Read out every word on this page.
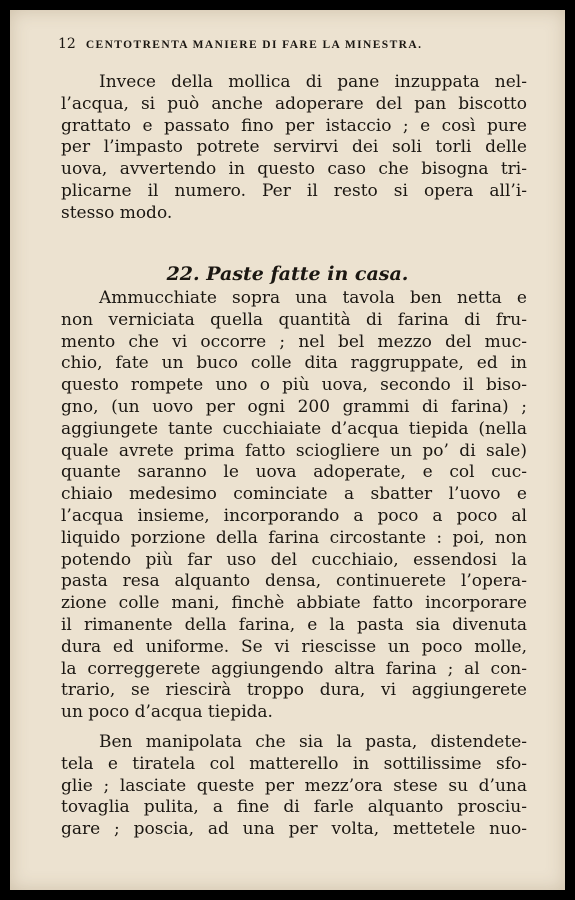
12 CENTOTRENTA MANIERE DI FARE LA MINESTRA.
Invece della mollica di pane inzuppata nel-
l’acqua, si può anche adoperare del pan biscotto
grattato e passato fino per istaccio ; e così pure
per l’impasto potrete servirvi dei soli torli delle
uova, avvertendo in questo caso che bisogna tri-
plicarne il numero. Per il resto si opera all’i-
stesso modo.
22. Paste fatte in casa.
Ammucchiate sopra una tavola ben netta e
non verniciata quella quantità di farina di fru-
mento che vi occorre ; nel bel mezzo del muc-
chio, fate un buco colle dita raggruppate, ed in
questo rompete uno o più uova, secondo il biso-
gno, (un uovo per ogni 200 grammi di farina) ;
aggiungete tante cucchiaiate d’acqua tiepida (nella
quale avrete prima fatto sciogliere un po’ di sale)
quante saranno le uova adoperate, e col cuc-
chiaio medesimo cominciate a sbatter l’uovo e
l’acqua insieme, incorporando a poco a poco al
liquido porzione della farina circostante : poi, non
potendo più far uso del cucchiaio, essendosi la
pasta resa alquanto densa, continuerete l’opera-
zione colle mani, finchè abbiate fatto incorporare
il rimanente della farina, e la pasta sia divenuta
dura ed uniforme. Se vi riescisse un poco molle,
la correggerete aggiungendo altra farina ; al con-
trario, se riescirà troppo dura, vi aggiungerete
un poco d’acqua tiepida.
Ben manipolata che sia la pasta, distendete-
tela e tiratela col matterello in sottilissime sfo-
glie ; lasciate queste per mezz’ora stese su d’una
tovaglia pulita, a fine di farle alquanto prosciu-
gare ; poscia, ad una per volta, mettetele nuo-
